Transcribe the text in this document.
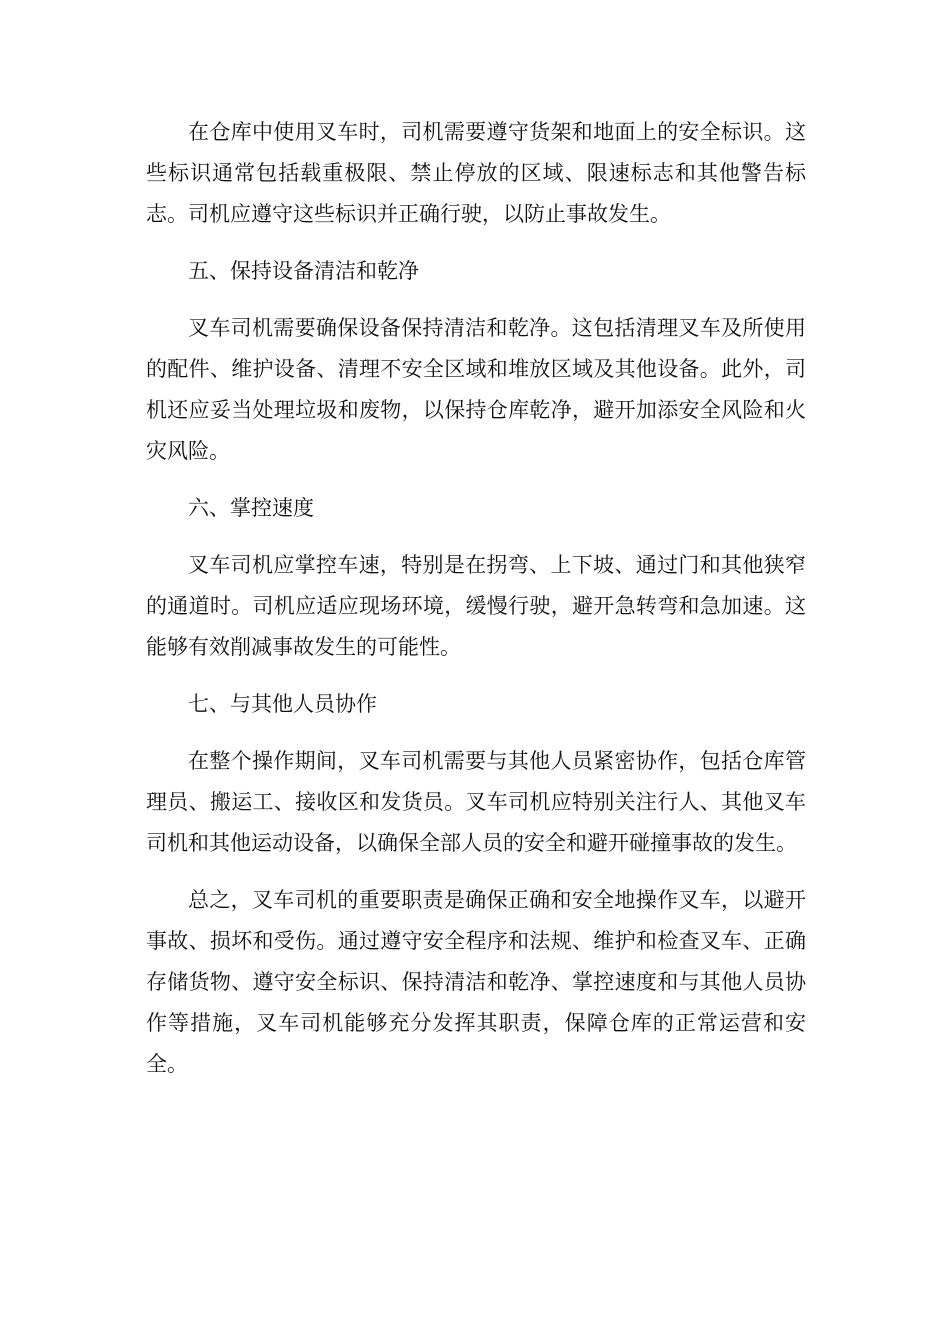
在仓库中使用叉车时，司机需要遵守货架和地面上的安全标识。这些标识通常包括载重极限、禁止停放的区域、限速标志和其他警告标志。司机应遵守这些标识并正确行驶，以防止事故发生。

五、保持设备清洁和乾净

叉车司机需要确保设备保持清洁和乾净。这包括清理叉车及所使用的配件、维护设备、清理不安全区域和堆放区域及其他设备。此外，司机还应妥当处理垃圾和废物，以保持仓库乾净，避开加添安全风险和火灾风险。

六、掌控速度

叉车司机应掌控车速，特别是在拐弯、上下坡、通过门和其他狭窄的通道时。司机应适应现场环境，缓慢行驶，避开急转弯和急加速。这能够有效削减事故发生的可能性。

七、与其他人员协作

在整个操作期间，叉车司机需要与其他人员紧密协作，包括仓库管理员、搬运工、接收区和发货员。叉车司机应特别关注行人、其他叉车司机和其他运动设备，以确保全部人员的安全和避开碰撞事故的发生。

总之，叉车司机的重要职责是确保正确和安全地操作叉车，以避开事故、损坏和受伤。通过遵守安全程序和法规、维护和检查叉车、正确存储货物、遵守安全标识、保持清洁和乾净、掌控速度和与其他人员协作等措施，叉车司机能够充分发挥其职责，保障仓库的正常运营和安全。
